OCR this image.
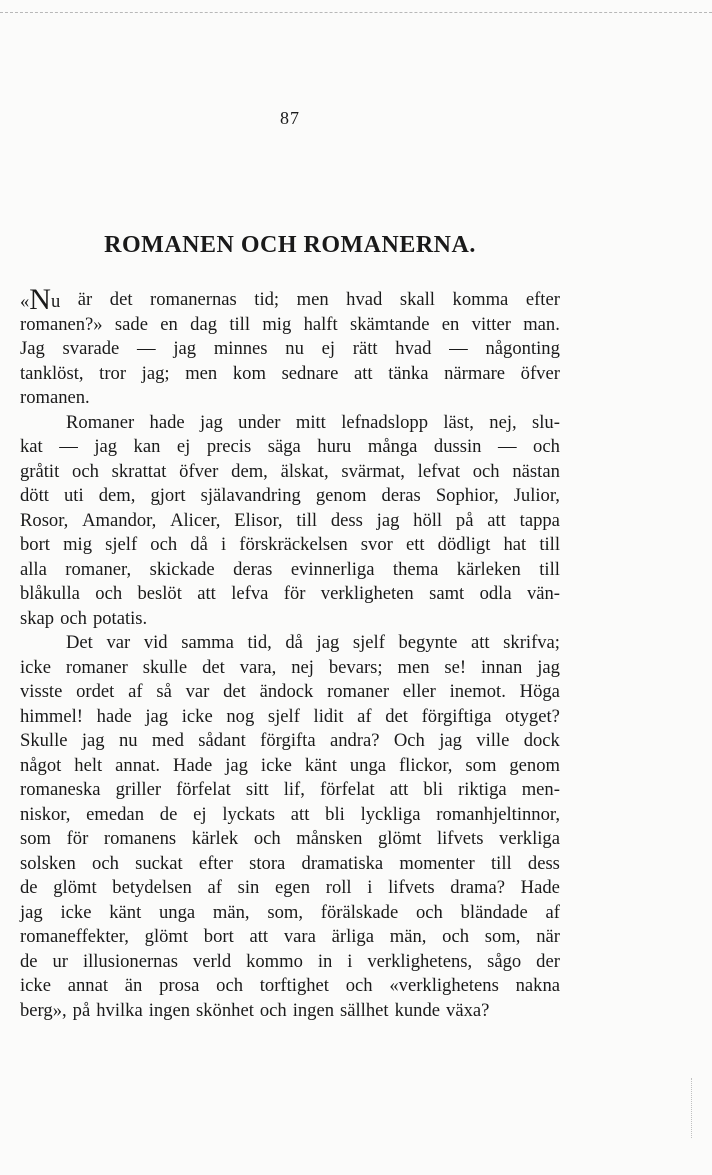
87
ROMANEN OCH ROMANERNA.
«Nu är det romanernas tid; men hvad skall komma efter
romanen?» sade en dag till mig halft skämtande en vitter man.
Jag svarade — jag minnes nu ej rätt hvad — någonting
tanklöst, tror jag; men kom sednare att tänka närmare öfver
romanen.
Romaner hade jag under mitt lefnadslopp läst, nej, slu-
kat — jag kan ej precis säga huru många dussin — och
gråtit och skrattat öfver dem, älskat, svärmat, lefvat och nästan
dött uti dem, gjort själavandring genom deras Sophior, Julior,
Rosor, Amandor, Alicer, Elisor, till dess jag höll på att tappa
bort mig sjelf och då i förskräckelsen svor ett dödligt hat till
alla romaner, skickade deras evinnerliga thema kärleken till
blåkulla och beslöt att lefva för verkligheten samt odla vän-
skap och potatis.
Det var vid samma tid, då jag sjelf begynte att skrifva;
icke romaner skulle det vara, nej bevars; men se! innan jag
visste ordet af så var det ändock romaner eller inemot. Höga
himmel! hade jag icke nog sjelf lidit af det förgiftiga otyget?
Skulle jag nu med sådant förgifta andra? Och jag ville dock
något helt annat. Hade jag icke känt unga flickor, som genom
romaneska griller förfelat sitt lif, förfelat att bli riktiga men-
niskor, emedan de ej lyckats att bli lyckliga romanhjeltinnor,
som för romanens kärlek och månsken glömt lifvets verkliga
solsken och suckat efter stora dramatiska momenter till dess
de glömt betydelsen af sin egen roll i lifvets drama? Hade
jag icke känt unga män, som, förälskade och bländade af
romaneffekter, glömt bort att vara ärliga män, och som, när
de ur illusionernas verld kommo in i verklighetens, sågo der
icke annat än prosa och torftighet och «verklighetens nakna
berg», på hvilka ingen skönhet och ingen sällhet kunde växa?
